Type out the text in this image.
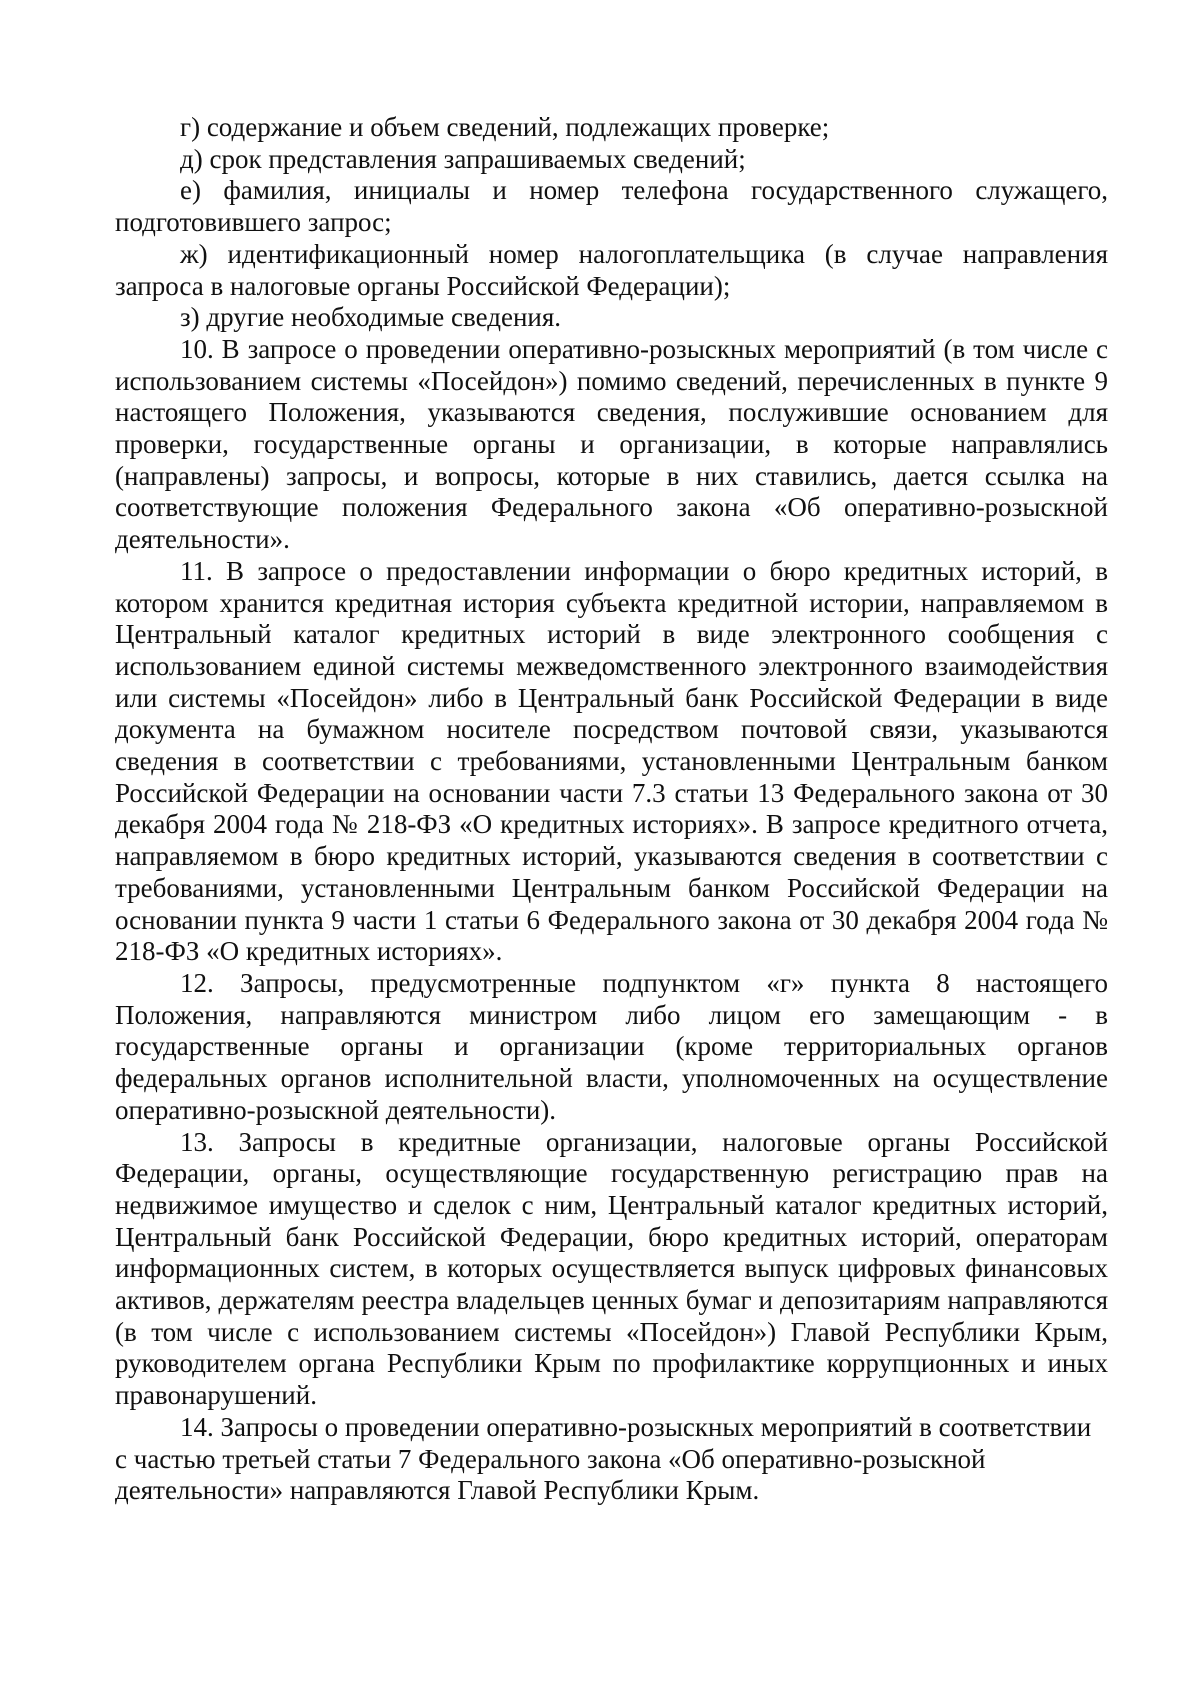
г) содержание и объем сведений, подлежащих проверке;

д) срок представления запрашиваемых сведений;

е) фамилия, инициалы и номер телефона государственного служащего, подготовившего запрос;

ж) идентификационный номер налогоплательщика (в случае направления запроса в налоговые органы Российской Федерации);

з) другие необходимые сведения.

10. В запросе о проведении оперативно-розыскных мероприятий (в том числе с использованием системы «Посейдон») помимо сведений, перечисленных в пункте 9 настоящего Положения, указываются сведения, послужившие основанием для проверки, государственные органы и организации, в которые направлялись (направлены) запросы, и вопросы, которые в них ставились, дается ссылка на соответствующие положения Федерального закона «Об оперативно-розыскной деятельности».

11. В запросе о предоставлении информации о бюро кредитных историй, в котором хранится кредитная история субъекта кредитной истории, направляемом в Центральный каталог кредитных историй в виде электронного сообщения с использованием единой системы межведомственного электронного взаимодействия или системы «Посейдон» либо в Центральный банк Российской Федерации в виде документа на бумажном носителе посредством почтовой связи, указываются сведения в соответствии с требованиями, установленными Центральным банком Российской Федерации на основании части 7.3 статьи 13 Федерального закона от 30 декабря 2004 года № 218-ФЗ «О кредитных историях». В запросе кредитного отчета, направляемом в бюро кредитных историй, указываются сведения в соответствии с требованиями, установленными Центральным банком Российской Федерации на основании пункта 9 части 1 статьи 6 Федерального закона от 30 декабря 2004 года № 218-ФЗ «О кредитных историях».

12. Запросы, предусмотренные подпунктом «г» пункта 8 настоящего Положения, направляются министром либо лицом его замещающим - в государственные органы и организации (кроме территориальных органов федеральных органов исполнительной власти, уполномоченных на осуществление оперативно-розыскной деятельности).

13. Запросы в кредитные организации, налоговые органы Российской Федерации, органы, осуществляющие государственную регистрацию прав на недвижимое имущество и сделок с ним, Центральный каталог кредитных историй, Центральный банк Российской Федерации, бюро кредитных историй, операторам информационных систем, в которых осуществляется выпуск цифровых финансовых активов, держателям реестра владельцев ценных бумаг и депозитариям направляются (в том числе с использованием системы «Посейдон») Главой Республики Крым, руководителем органа Республики Крым по профилактике коррупционных и иных правонарушений.

14. Запросы о проведении оперативно-розыскных мероприятий в соответствии с частью третьей статьи 7 Федерального закона «Об оперативно-розыскной деятельности» направляются Главой Республики Крым.
